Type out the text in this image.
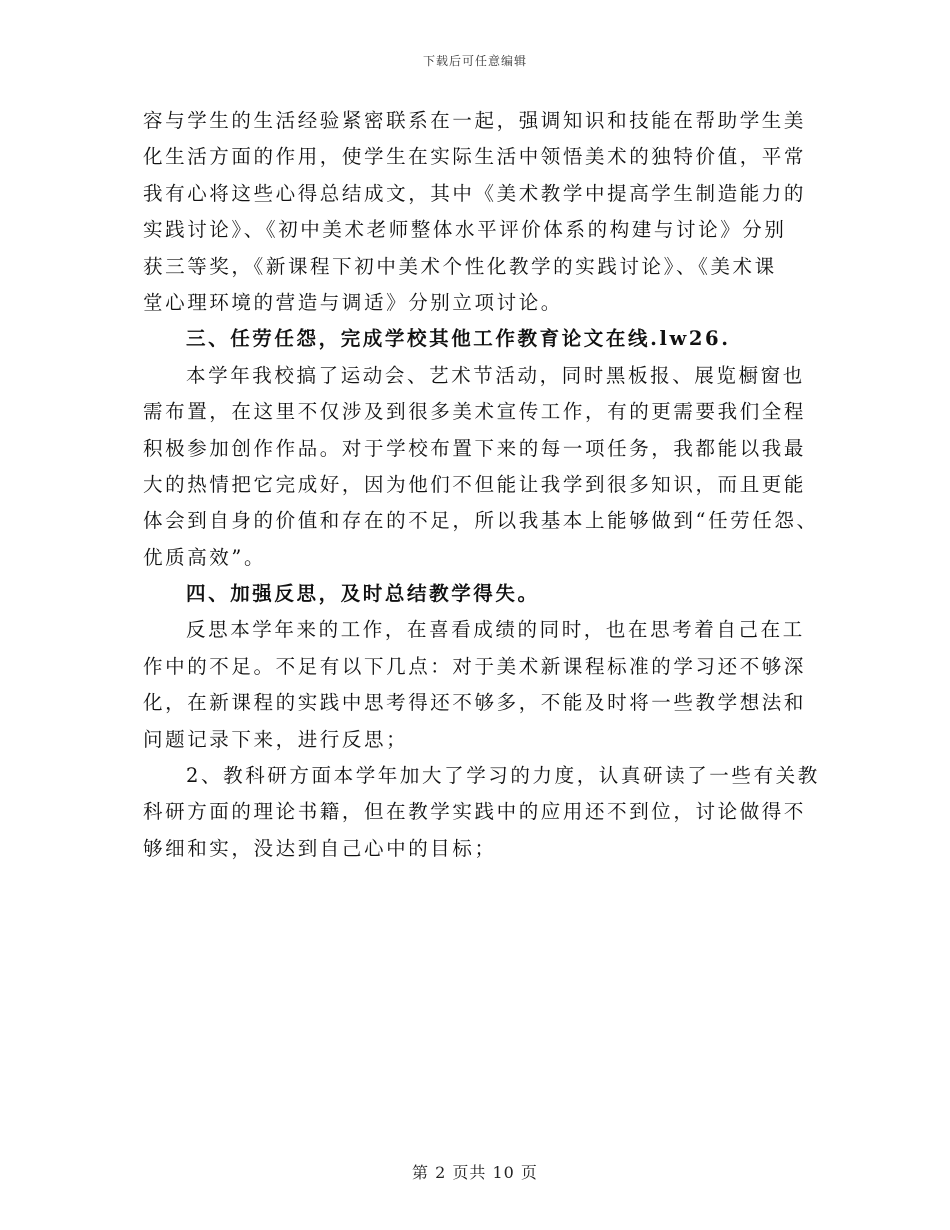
下载后可任意编辑
容与学生的生活经验紧密联系在一起，强调知识和技能在帮助学生美
化生活方面的作用，使学生在实际生活中领悟美术的独特价值，平常
我有心将这些心得总结成文，其中《美术教学中提高学生制造能力的
实践讨论》、《初中美术老师整体水平评价体系的构建与讨论》分别
获三等奖，《新课程下初中美术个性化教学的实践讨论》、《美术课
堂心理环境的营造与调适》分别立项讨论。
三、任劳任怨，完成学校其他工作教育论文在线.lw26.
本学年我校搞了运动会、艺术节活动，同时黑板报、展览橱窗也
需布置，在这里不仅涉及到很多美术宣传工作，有的更需要我们全程
积极参加创作作品。对于学校布置下来的每一项任务，我都能以我最
大的热情把它完成好，因为他们不但能让我学到很多知识，而且更能
体会到自身的价值和存在的不足，所以我基本上能够做到“任劳任怨、
优质高效”。
四、加强反思，及时总结教学得失。
反思本学年来的工作，在喜看成绩的同时，也在思考着自己在工
作中的不足。不足有以下几点：对于美术新课程标准的学习还不够深
化，在新课程的实践中思考得还不够多，不能及时将一些教学想法和
问题记录下来，进行反思；
2、教科研方面本学年加大了学习的力度，认真研读了一些有关教
科研方面的理论书籍，但在教学实践中的应用还不到位，讨论做得不
够细和实，没达到自己心中的目标；
第 2 页共 10 页
